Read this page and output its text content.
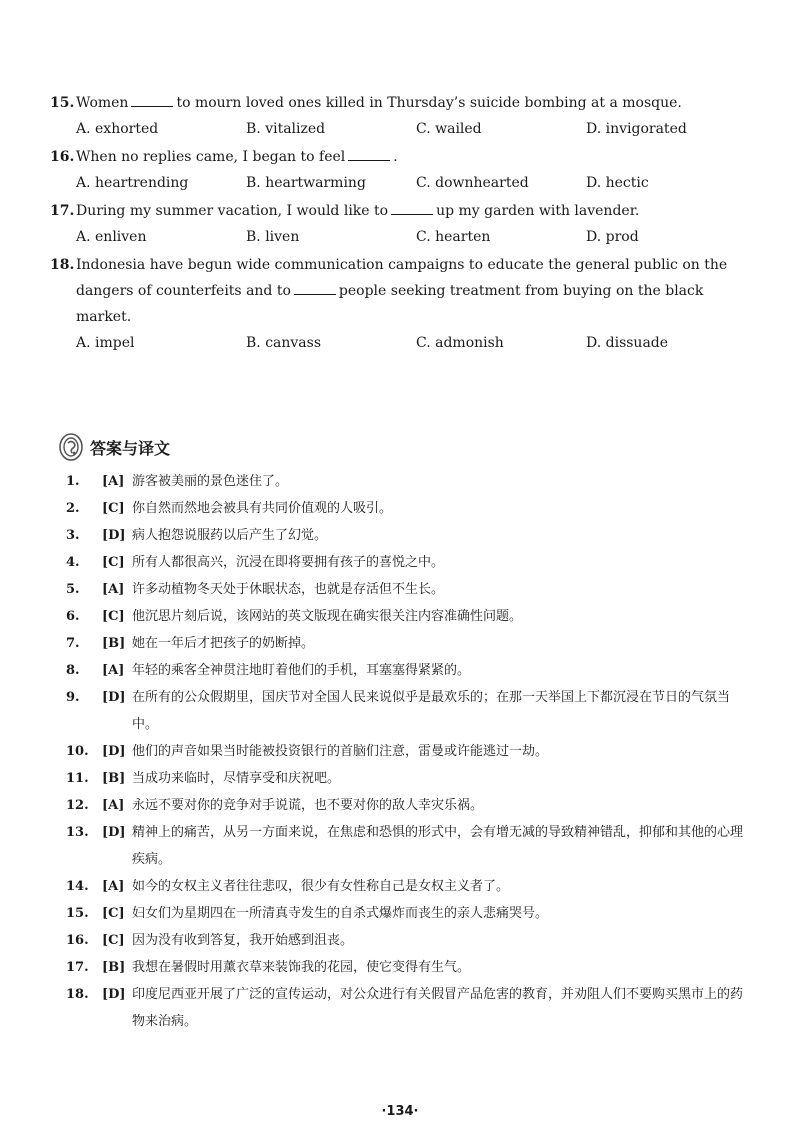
15. Women	to mourn loved ones killed in Thursday’s suicide bombing at a mosque.
A. exhorted	B. vitalized	C. wailed	D. invigorated
16. When no replies came, I began to feel	.
A. heartrending	B. heartwarming	C. downhearted	D. hectic
17. During my summer vacation, I would like to	up my garden with lavender.
A. enliven	B. liven	C. hearten	D. prod
18. Indonesia have begun wide communication campaigns to educate the general public on the dangers of counterfeits and to	people seeking treatment from buying on the black market.
A. impel	B. canvass	C. admonish	D. dissuade
答案与译文
1.	[A] 游客被美丽的景色迷住了。
2.	[C] 你自然而然地会被具有共同价值观的人吸引。
3.	[D] 病人抱怨说服药以后产生了幻觉。
4.	[C] 所有人都很高兴，沉浸在即将要拥有孩子的喜悦之中。
5.	[A] 许多动植物冬天处于休眠状态，也就是存活但不生长。
6.	[C] 他沉思片刻后说，该网站的英文版现在确实很关注内容准确性问题。
7.	[B] 她在一年后才把孩子的奶断掉。
8.	[A] 年轻的乘客全神贯注地盯着他们的手机，耳塞塞得紧紧的。
9.	[D] 在所有的公众假期里，国庆节对全国人民来说似乎是最欢乐的；在那一天举国上下都沉浸在节日的气氛当中。
10.	[D] 他们的声音如果当时能被投资银行的首脑们注意，雷曼或许能逃过一劫。
11.	[B] 当成功来临时，尽情享受和庆祝吧。
12.	[A] 永远不要对你的竞争对手说谎，也不要对你的敌人幸灾乐祸。
13.	[D] 精神上的痛苦，从另一方面来说，在焦虑和恐惧的形式中，会有增无减的导致精神错乱，抑郁和其他的心理疾病。
14.	[A] 如今的女权主义者往往悲叹，很少有女性称自己是女权主义者了。
15.	[C] 妇女们为星期四在一所清真寺发生的自杀式爆炸而丧生的亲人悲痛哭号。
16.	[C] 因为没有收到答复，我开始感到沮丧。
17.	[B] 我想在暑假时用薰衣草来装饰我的花园，使它变得有生气。
18.	[D] 印度尼西亚开展了广泛的宣传运动，对公众进行有关假冒产品危害的教育，并劝阻人们不要购买黑市上的药物来治病。
·134·
